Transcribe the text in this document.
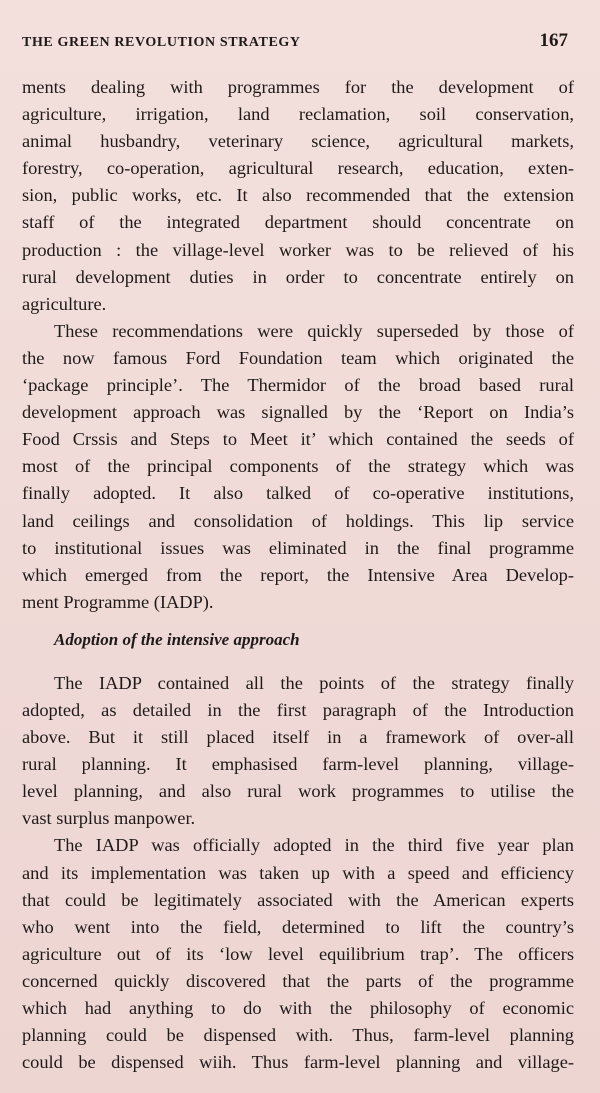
THE GREEN REVOLUTION STRATEGY	167
ments dealing with programmes for the development of
agriculture, irrigation, land reclamation, soil conservation,
animal husbandry, veterinary science, agricultural markets,
forestry, co-operation, agricultural research, education, exten-
sion, public works, etc. It also recommended that the extension
staff of the integrated department should concentrate on
production : the village-level worker was to be relieved of his
rural development duties in order to concentrate entirely on
agriculture.
These recommendations were quickly superseded by those of
the now famous Ford Foundation team which originated the
‘package principle’. The Thermidor of the broad based rural
development approach was signalled by the ‘Report on India’s
Food Crssis and Steps to Meet it’ which contained the seeds of
most of the principal components of the strategy which was
finally adopted. It also talked of co-operative institutions,
land ceilings and consolidation of holdings. This lip service
to institutional issues was eliminated in the final programme
which emerged from the report, the Intensive Area Develop-
ment Programme (IADP).
Adoption of the intensive approach
The IADP contained all the points of the strategy finally
adopted, as detailed in the first paragraph of the Introduction
above. But it still placed itself in a framework of over-all
rural planning. It emphasised farm-level planning, village-
level planning, and also rural work programmes to utilise the
vast surplus manpower.
The IADP was officially adopted in the third five year plan
and its implementation was taken up with a speed and efficiency
that could be legitimately associated with the American experts
who went into the field, determined to lift the country’s
agriculture out of its ‘low level equilibrium trap’. The officers
concerned quickly discovered that the parts of the programme
which had anything to do with the philosophy of economic
planning could be dispensed with. Thus, farm-level planning
could be dispensed wiih. Thus farm-level planning and village-
